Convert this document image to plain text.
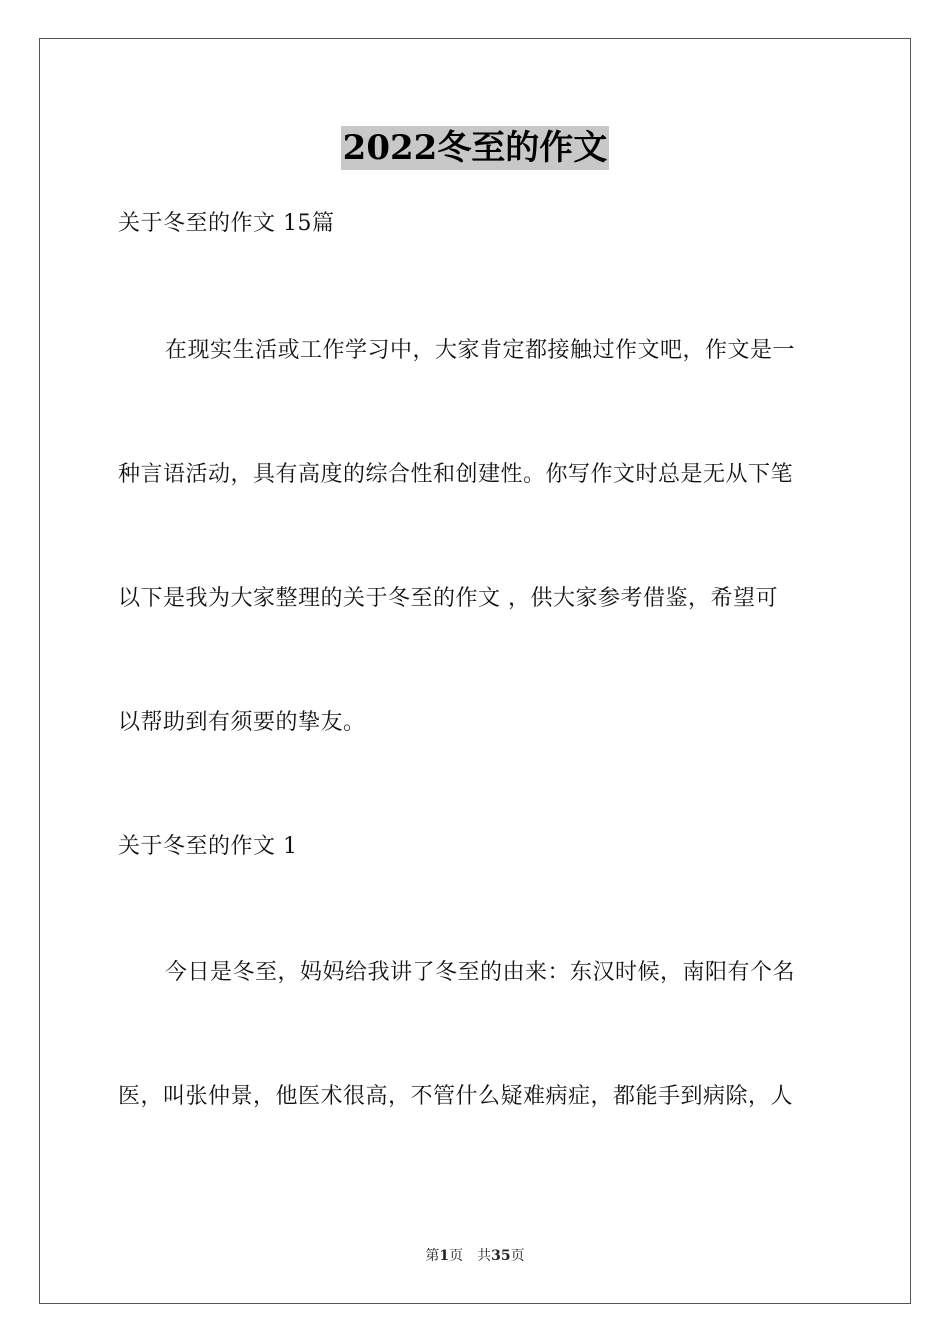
2022冬至的作文
关于冬至的作文 15篇
在现实生活或工作学习中，大家肯定都接触过作文吧，作文是一
种言语活动，具有高度的综合性和创建性。你写作文时总是无从下笔
以下是我为大家整理的关于冬至的作文 ，供大家参考借鉴，希望可
以帮助到有须要的挚友。
关于冬至的作文 1
今日是冬至，妈妈给我讲了冬至的由来：东汉时候，南阳有个名
医，叫张仲景，他医术很高，不管什么疑难病症，都能手到病除，人
第1页　共35页
